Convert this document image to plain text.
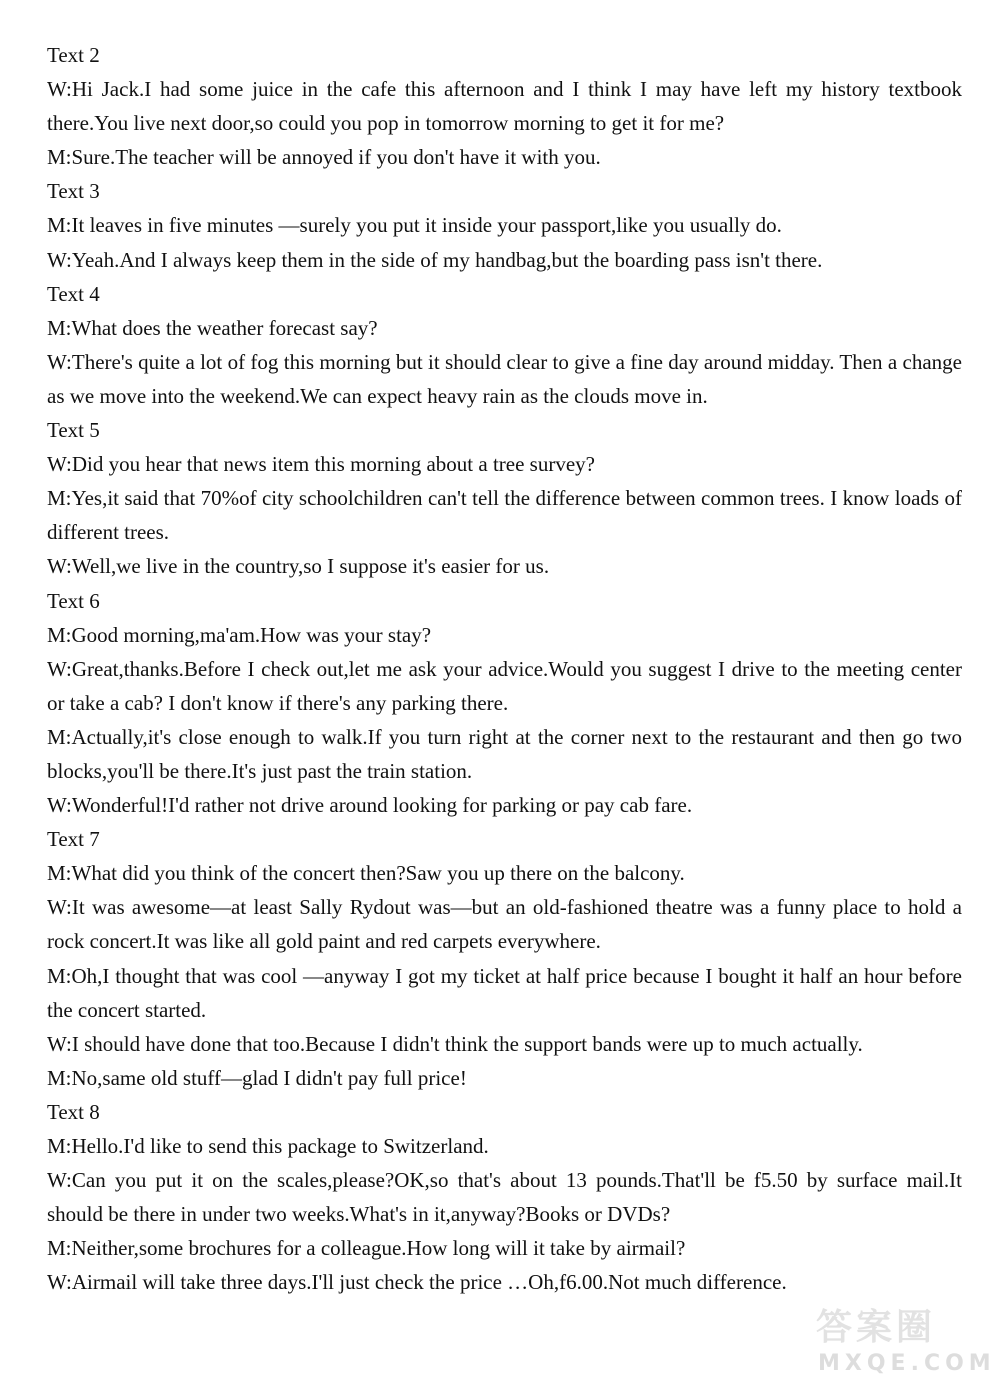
Text 2
W:Hi Jack.I had some juice in the cafe this afternoon and I think I may have left my history textbook there.You live next door,so could you pop in tomorrow morning to get it for me?
M:Sure.The teacher will be annoyed if you don't have it with you.
Text 3
M:It leaves in five minutes —surely you put it inside your passport,like you usually do.
W:Yeah.And I always keep them in the side of my handbag,but the boarding pass isn't there.
Text 4
M:What does the weather forecast say?
W:There's quite a lot of fog this morning but it should clear to give a fine day around midday. Then a change as we move into the weekend.We can expect heavy rain as the clouds move in.
Text 5
W:Did you hear that news item this morning about a tree survey?
M:Yes,it said that 70%of city schoolchildren can't tell the difference between common trees. I know loads of different trees.
W:Well,we live in the country,so I suppose it's easier for us.
Text 6
M:Good morning,ma'am.How was your stay?
W:Great,thanks.Before I check out,let me ask your advice.Would you suggest I drive to the meeting center or take a cab? I don't know if there's any parking there.
M:Actually,it's close enough to walk.If you turn right at the corner next to the restaurant and then go two blocks,you'll be there.It's just past the train station.
W:Wonderful!I'd rather not drive around looking for parking or pay cab fare.
Text 7
M:What did you think of the concert then?Saw you up there on the balcony.
W:It was awesome—at least Sally Rydout was—but an old-fashioned theatre was a funny place to hold a rock concert.It was like all gold paint and red carpets everywhere.
M:Oh,I thought that was cool —anyway I got my ticket at half price because I bought it half an hour before the concert started.
W:I should have done that too.Because I didn't think the support bands were up to much actually.
M:No,same old stuff—glad I didn't pay full price!
Text 8
M:Hello.I'd like to send this package to Switzerland.
W:Can you put it on the scales,please?OK,so that's about 13 pounds.That'll be f5.50 by surface mail.It should be there in under two weeks.What's in it,anyway?Books or DVDs?
M:Neither,some brochures for a colleague.How long will it take by airmail?
W:Airmail will take three days.I'll just check the price …Oh,f6.00.Not much difference.
答案圈
MXQE.COM
